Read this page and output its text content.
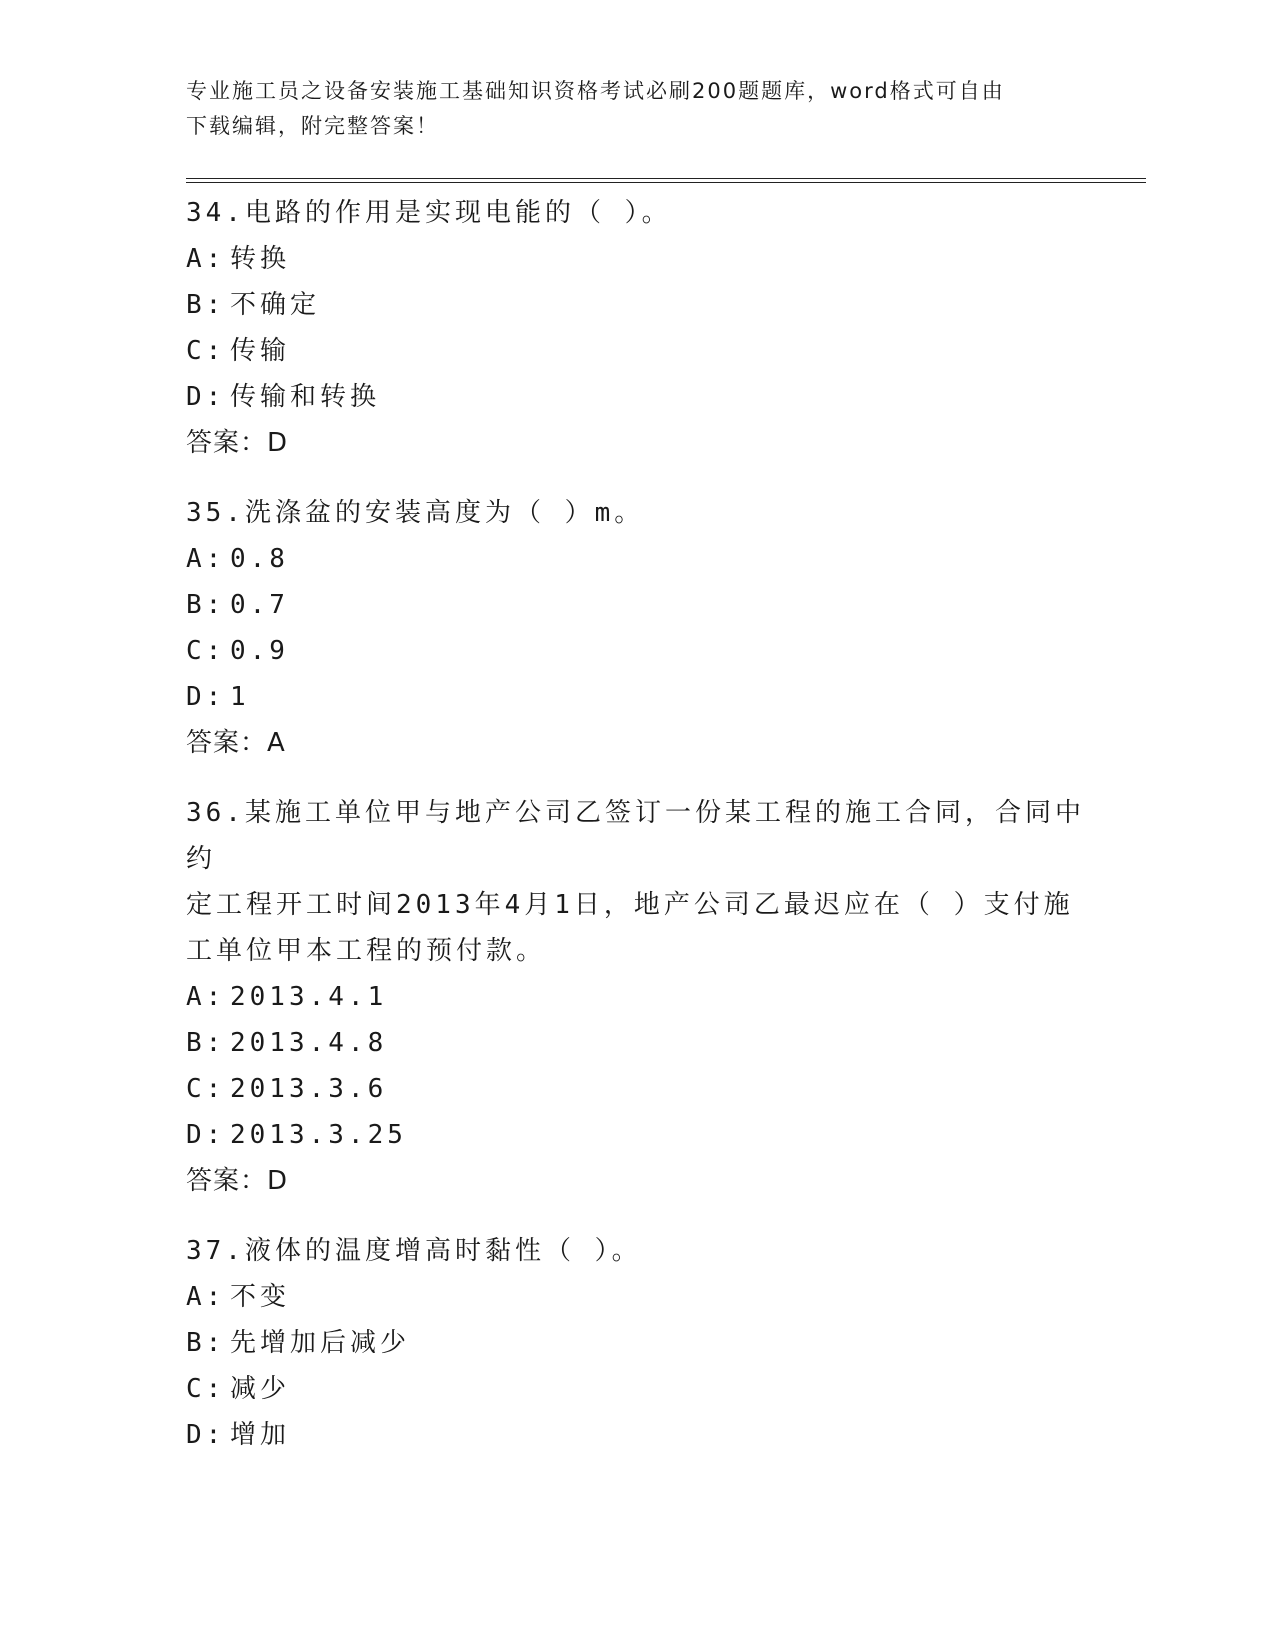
专业施工员之设备安装施工基础知识资格考试必刷200题题库，word格式可自由
下载编辑，附完整答案！
34.电路的作用是实现电能的（ ）。
A: 转换
B: 不确定
C: 传输
D: 传输和转换
答案：D
35.洗涤盆的安装高度为（ ）m。
A: 0.8
B: 0.7
C: 0.9
D: 1
答案：A
36.某施工单位甲与地产公司乙签订一份某工程的施工合同，合同中约
定工程开工时间2013年4月1日，地产公司乙最迟应在（ ）支付施
工单位甲本工程的预付款。
A: 2013.4.1
B: 2013.4.8
C: 2013.3.6
D: 2013.3.25
答案：D
37.液体的温度增高时黏性（ ）。
A: 不变
B: 先增加后减少
C: 减少
D: 增加
